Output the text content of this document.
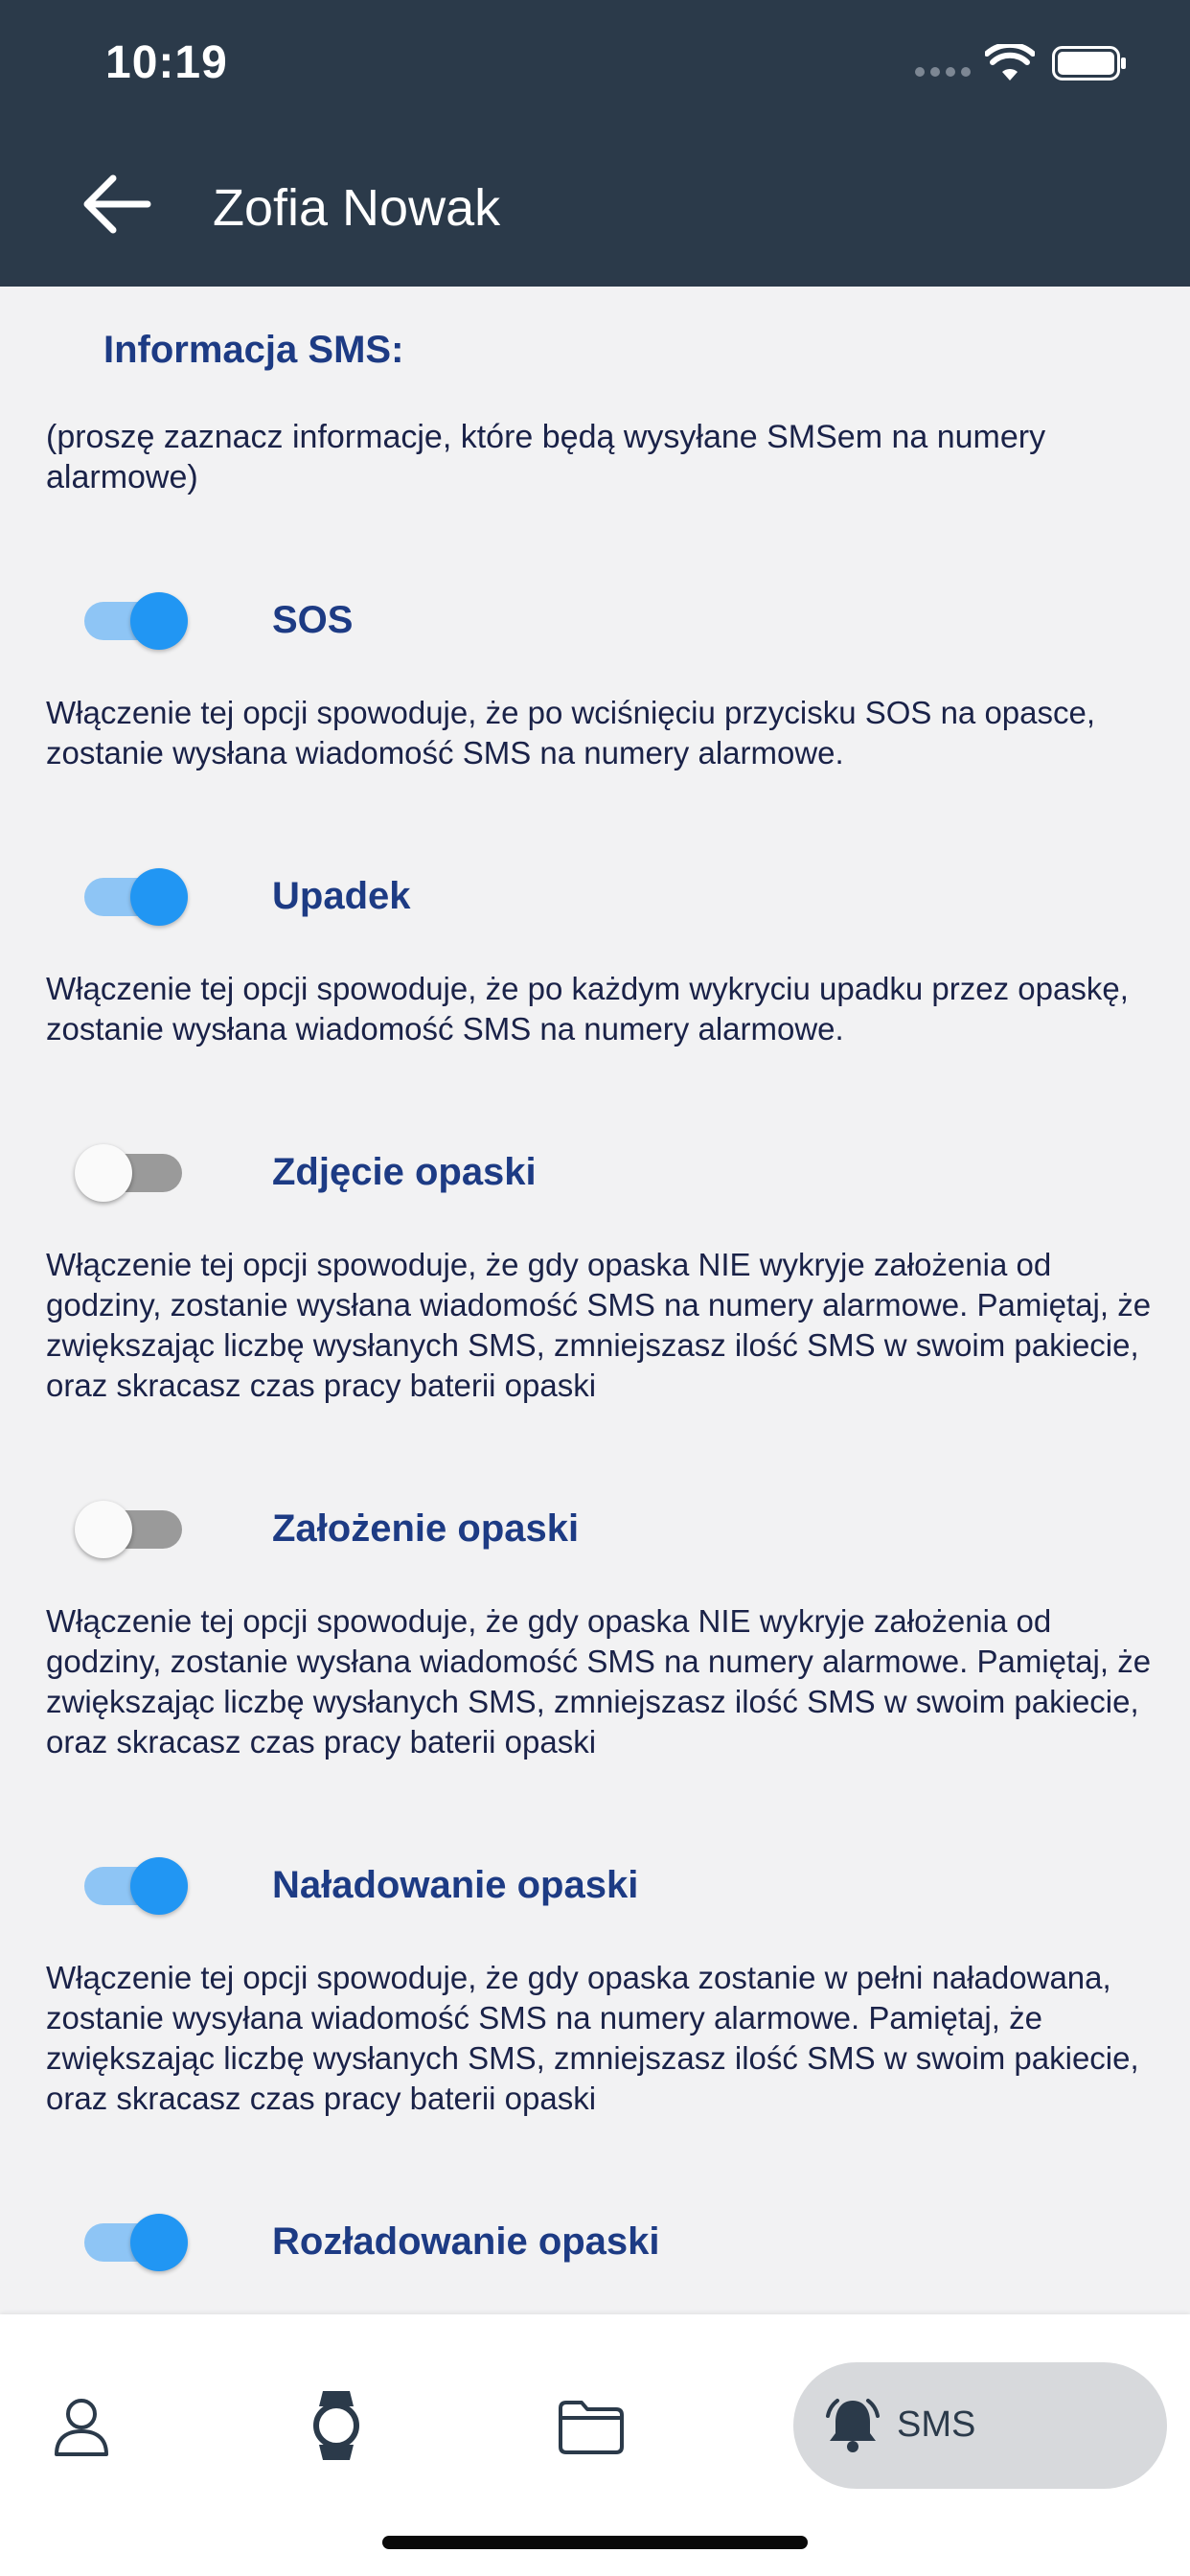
10:19
Zofia Nowak
Informacja SMS:
(proszę zaznacz informacje, które będą wysyłane SMSem na numery alarmowe)
SOS
Włączenie tej opcji spowoduje, że po wciśnięciu przycisku SOS na opasce, zostanie wysłana wiadomość SMS na numery alarmowe.
Upadek
Włączenie tej opcji spowoduje, że po każdym wykryciu upadku przez opaskę, zostanie wysłana wiadomość SMS na numery alarmowe.
Zdjęcie opaski
Włączenie tej opcji spowoduje, że gdy opaska NIE wykryje założenia od godziny, zostanie wysłana wiadomość SMS na numery alarmowe. Pamiętaj, że zwiększając liczbę wysłanych SMS, zmniejszasz ilość SMS w swoim pakiecie, oraz skracasz czas pracy baterii opaski
Założenie opaski
Włączenie tej opcji spowoduje, że gdy opaska NIE wykryje założenia od godziny, zostanie wysłana wiadomość SMS na numery alarmowe. Pamiętaj, że zwiększając liczbę wysłanych SMS, zmniejszasz ilość SMS w swoim pakiecie, oraz skracasz czas pracy baterii opaski
Naładowanie opaski
Włączenie tej opcji spowoduje, że gdy opaska zostanie w pełni naładowana, zostanie wysyłana wiadomość SMS na numery alarmowe. Pamiętaj, że zwiększając liczbę wysłanych SMS, zmniejszasz ilość SMS w swoim pakiecie, oraz skracasz czas pracy baterii opaski
Rozładowanie opaski
SMS
